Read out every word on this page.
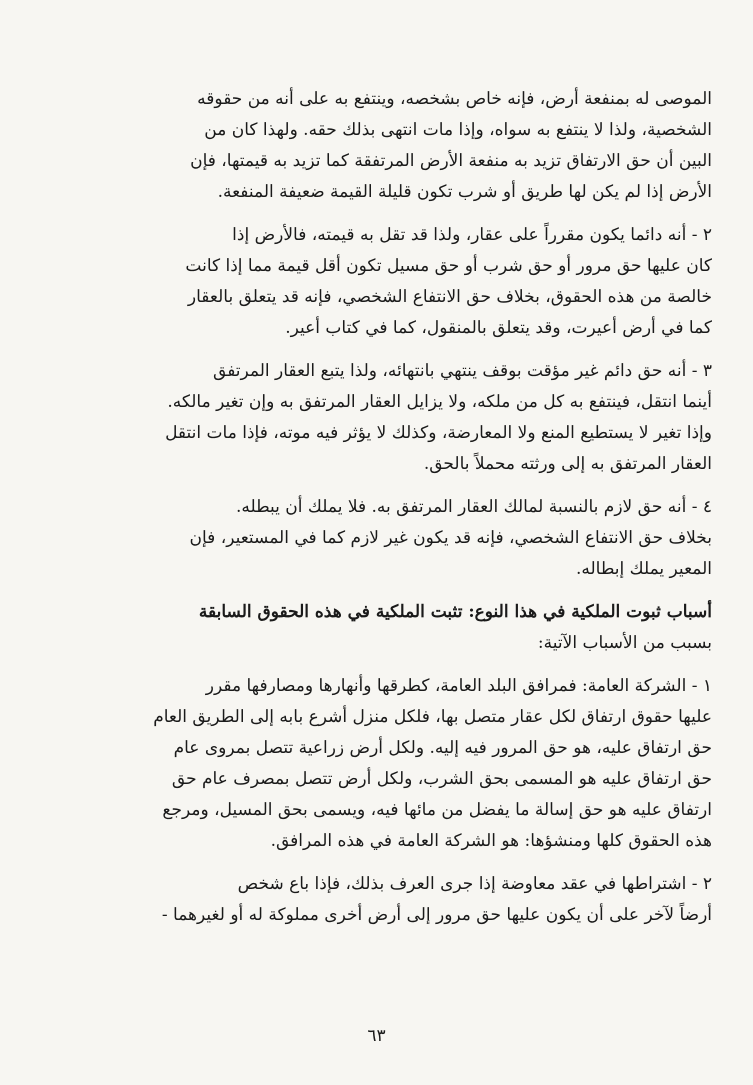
الموصى له بمنفعة أرض، فإنه خاص بشخصه، وينتفع به على أنه من حقوقه
الشخصية، ولذا لا ينتفع به سواه، وإذا مات انتهى بذلك حقه. ولهذا كان من
البين أن حق الارتفاق تزيد به منفعة الأرض المرتفقة كما تزيد به قيمتها، فإن
الأرض إذا لم يكن لها طريق أو شرب تكون قليلة القيمة ضعيفة المنفعة.
٢ - أنه دائما يكون مقرراً على عقار، ولذا قد تقل به قيمته، فالأرض إذا
كان عليها حق مرور أو حق شرب أو حق مسيل تكون أقل قيمة مما إذا كانت
خالصة من هذه الحقوق، بخلاف حق الانتفاع الشخصي، فإنه قد يتعلق بالعقار
كما في أرض أعيرت، وقد يتعلق بالمنقول، كما في كتاب أعير.
٣ - أنه حق دائم غير مؤقت بوقف ينتهي بانتهائه، ولذا يتبع العقار المرتفق
أينما انتقل، فينتفع به كل من ملكه، ولا يزايل العقار المرتفق به وإن تغير مالكه.
وإذا تغير لا يستطيع المنع ولا المعارضة، وكذلك لا يؤثر فيه موته، فإذا مات انتقل
العقار المرتفق به إلى ورثته محملاً بالحق.
٤ - أنه حق لازم بالنسبة لمالك العقار المرتفق به. فلا يملك أن يبطله.
بخلاف حق الانتفاع الشخصي، فإنه قد يكون غير لازم كما في المستعير، فإن
المعير يملك إبطاله.
أسباب ثبوت الملكية في هذا النوع: تثبت الملكية في هذه الحقوق السابقة
بسبب من الأسباب الآتية:
١ - الشركة العامة: فمرافق البلد العامة، كطرقها وأنهارها ومصارفها مقرر
عليها حقوق ارتفاق لكل عقار متصل بها، فلكل منزل أشرع بابه إلى الطريق العام
حق ارتفاق عليه، هو حق المرور فيه إليه. ولكل أرض زراعية تتصل بمروى عام
حق ارتفاق عليه هو المسمى بحق الشرب، ولكل أرض تتصل بمصرف عام حق
ارتفاق عليه هو حق إسالة ما يفضل من مائها فيه، ويسمى بحق المسيل، ومرجع
هذه الحقوق كلها ومنشؤها: هو الشركة العامة في هذه المرافق.
٢ - اشتراطها في عقد معاوضة إذا جرى العرف بذلك، فإذا باع شخص
أرضاً لآخر على أن يكون عليها حق مرور إلى أرض أخرى مملوكة له أو لغيرهما -
٦٣
